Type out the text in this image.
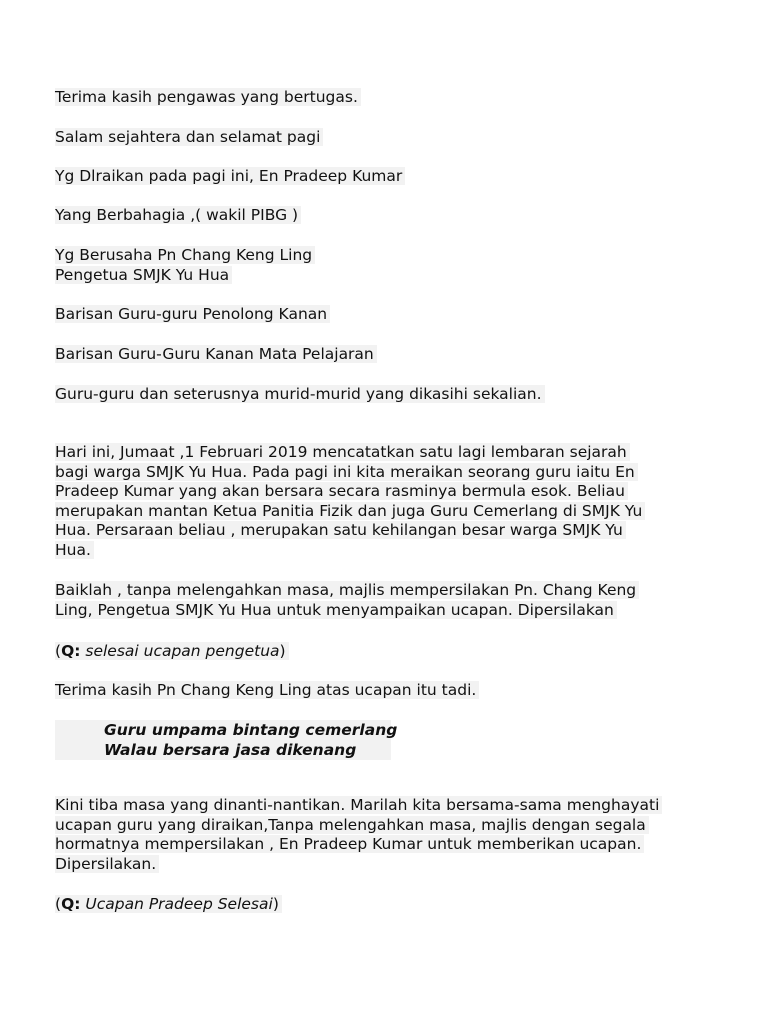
Terima kasih pengawas yang bertugas.
Salam sejahtera dan selamat pagi
Yg Dlraikan pada pagi ini, En Pradeep Kumar
Yang Berbahagia ,( wakil PIBG )
Yg Berusaha Pn Chang Keng Ling
Pengetua SMJK Yu Hua
Barisan Guru-guru Penolong Kanan
Barisan Guru-Guru Kanan Mata Pelajaran
Guru-guru dan seterusnya murid-murid yang dikasihi sekalian.
Hari ini, Jumaat ,1 Februari 2019 mencatatkan satu lagi lembaran sejarah
bagi warga SMJK Yu Hua. Pada pagi ini kita meraikan seorang guru iaitu En
Pradeep Kumar yang akan bersara secara rasminya bermula esok. Beliau
merupakan mantan Ketua Panitia Fizik dan juga Guru Cemerlang di SMJK Yu
Hua. Persaraan beliau , merupakan satu kehilangan besar warga SMJK Yu
Hua.
Baiklah , tanpa melengahkan masa, majlis mempersilakan Pn. Chang Keng
Ling, Pengetua SMJK Yu Hua untuk menyampaikan ucapan. Dipersilakan
(Q: selesai ucapan pengetua)
Terima kasih Pn Chang Keng Ling atas ucapan itu tadi.
Guru umpama bintang cemerlang
Walau bersara jasa dikenang
Kini tiba masa yang dinanti-nantikan. Marilah kita bersama-sama menghayati
ucapan guru yang diraikan,Tanpa melengahkan masa, majlis dengan segala
hormatnya mempersilakan , En Pradeep Kumar untuk memberikan ucapan.
Dipersilakan.
(Q: Ucapan Pradeep Selesai)
